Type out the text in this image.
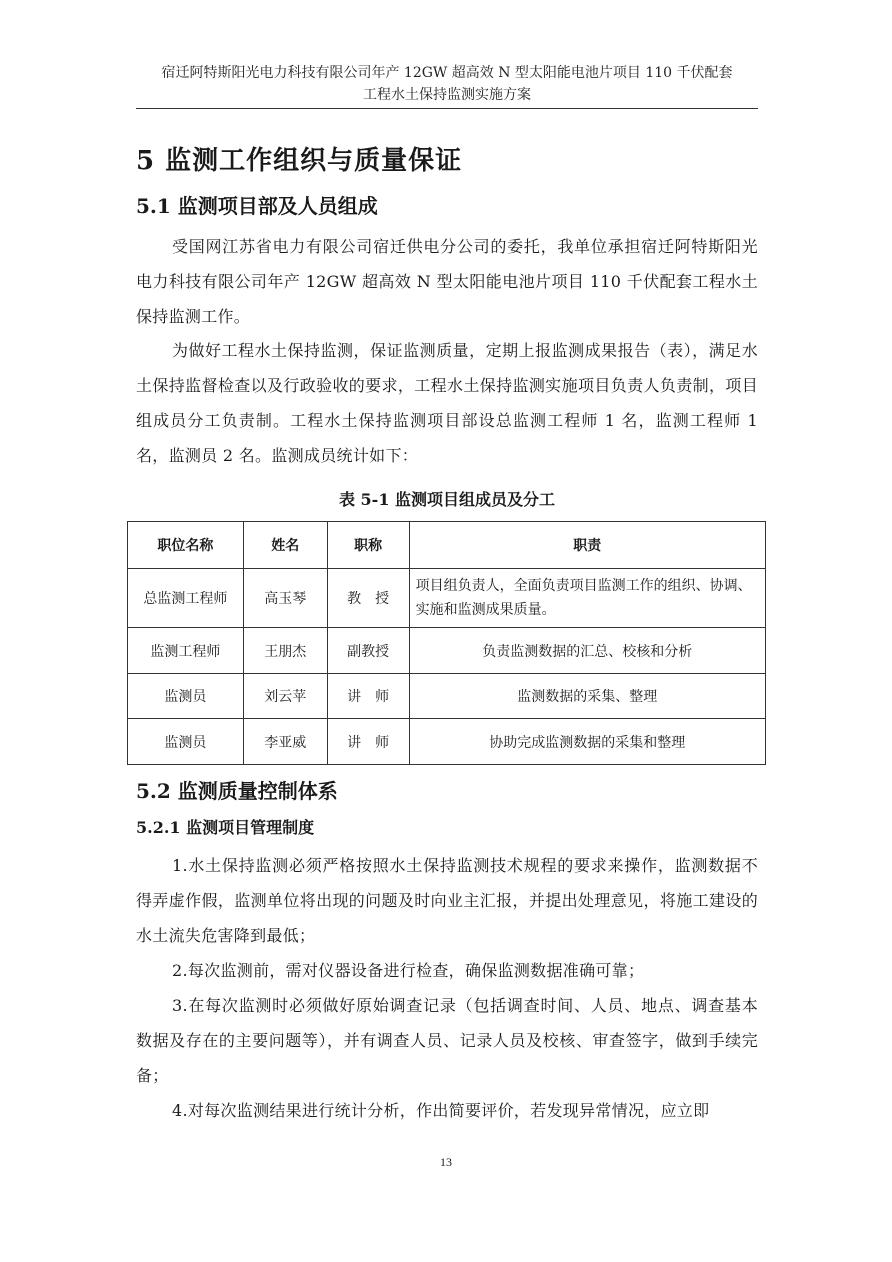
宿迁阿特斯阳光电力科技有限公司年产 12GW 超高效 N 型太阳能电池片项目 110 千伏配套
工程水土保持监测实施方案
5 监测工作组织与质量保证
5.1 监测项目部及人员组成

受国网江苏省电力有限公司宿迁供电分公司的委托，我单位承担宿迁阿特斯阳光电力科技有限公司年产 12GW 超高效 N 型太阳能电池片项目 110 千伏配套工程水土保持监测工作。

为做好工程水土保持监测，保证监测质量，定期上报监测成果报告（表），满足水土保持监督检查以及行政验收的要求，工程水土保持监测实施项目负责人负责制，项目组成员分工负责制。工程水土保持监测项目部设总监测工程师 1 名，监测工程师 1 名，监测员 2 名。监测成员统计如下：

表 5-1 监测项目组成员及分工
职位名称	姓名	职称	职责
总监测工程师	高玉琴	教　授	项目组负责人，全面负责项目监测工作的组织、协调、实施和监测成果质量。
监测工程师	王朋杰	副教授	负责监测数据的汇总、校核和分析
监测员	刘云苹	讲　师	监测数据的采集、整理
监测员	李亚威	讲　师	协助完成监测数据的采集和整理
5.2 监测质量控制体系
5.2.1 监测项目管理制度

1.水土保持监测必须严格按照水土保持监测技术规程的要求来操作，监测数据不得弄虚作假，监测单位将出现的问题及时向业主汇报，并提出处理意见，将施工建设的水土流失危害降到最低；

2.每次监测前，需对仪器设备进行检查，确保监测数据准确可靠；

3.在每次监测时必须做好原始调查记录（包括调查时间、人员、地点、调查基本数据及存在的主要问题等），并有调查人员、记录人员及校核、审查签字，做到手续完备；

4.对每次监测结果进行统计分析，作出简要评价，若发现异常情况，应立即

13
